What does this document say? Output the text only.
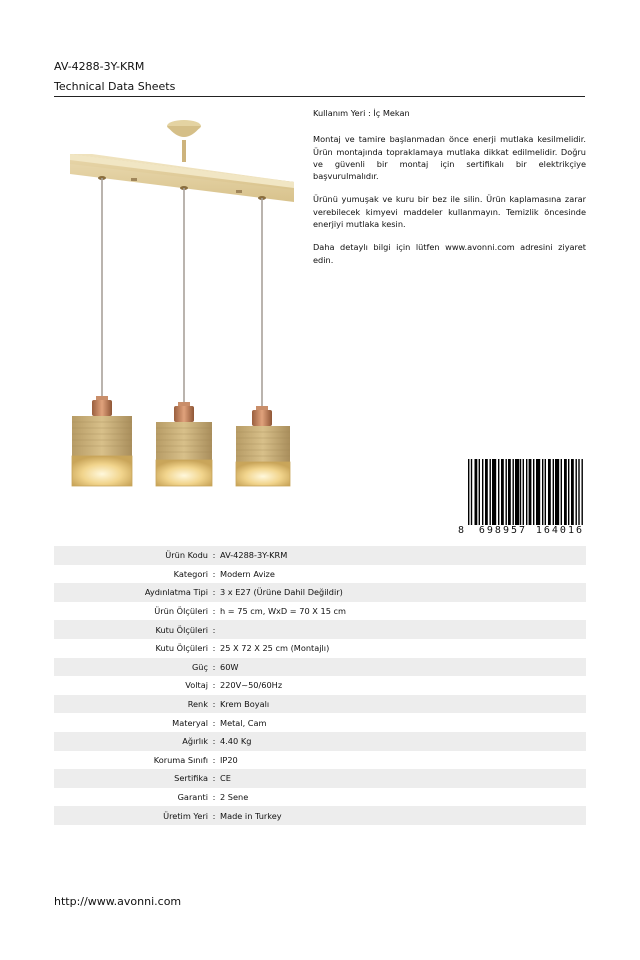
AV-4288-3Y-KRM
Technical Data Sheets

Kullanım Yeri : İç Mekan

Montaj ve tamire başlanmadan önce enerji mutlaka kesilmelidir. Ürün montajında topraklamaya mutlaka dikkat edilmelidir. Doğru ve güvenli bir montaj için sertifikalı bir elektrikçiye başvurulmalıdır.

Ürünü yumuşak ve kuru bir bez ile silin. Ürün kaplamasına zarar verebilecek kimyevi maddeler kullanmayın. Temizlik öncesinde enerjiyi mutlaka kesin.

Daha detaylı bilgi için lütfen www.avonni.com adresini ziyaret edin.

8	698957 164016
Ürün Kodu : AV-4288-3Y-KRM
Kategori : Modern Avize
Aydınlatma Tipi : 3 x E27 (Ürüne Dahil Değildir)
Ürün Ölçüleri : h = 75 cm, WxD = 70 X 15 cm
Kutu Ölçüleri :
Kutu Ölçüleri : 25 X 72 X 25 cm (Montajlı)
Güç : 60W
Voltaj : 220V~50/60Hz
Renk : Krem Boyalı
Materyal : Metal, Cam
Ağırlık : 4.40 Kg
Koruma Sınıfı : IP20
Sertifika : CE
Garanti : 2 Sene
Üretim Yeri : Made in Turkey
http://www.avonni.com
